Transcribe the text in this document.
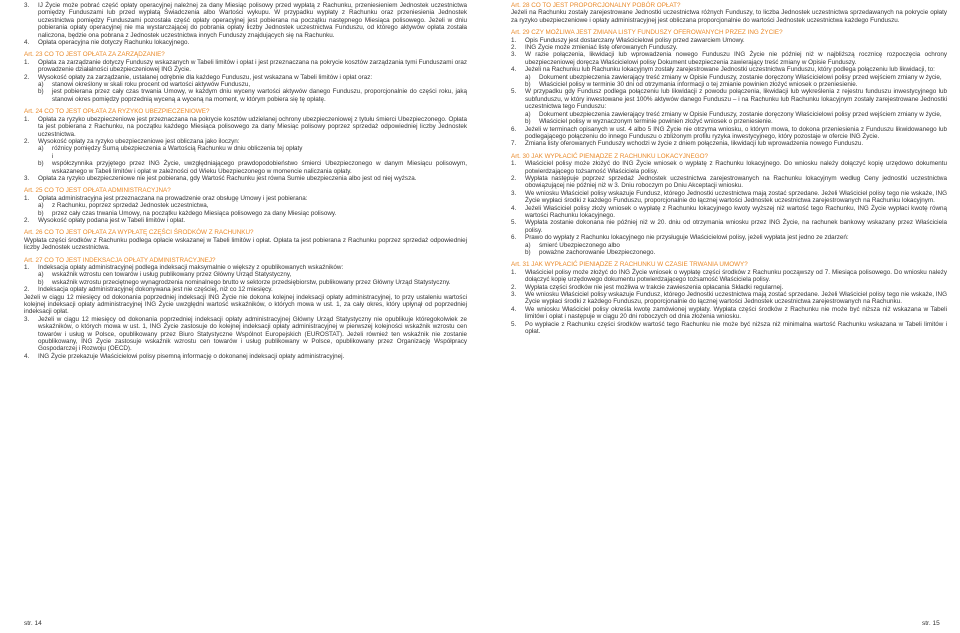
3. IJ Życie może pobrać część opłaty operacyjnej należnej za dany Miesiąc polisowy przed wypłatą z Rachunku, przeniesieniem Jednostek uczestnictwa pomiędzy Funduszami lub przed wypłatą Świadczenia albo Wartości wykupu. W przypadku wypłaty z Rachunku oraz przeniesienia Jednostek uczestnictwa pomiędzy Funduszami pozostała część opłaty operacyjnej jest pobierana na początku następnego Miesiąca polisowego. Jeżeli w dniu pobierania opłaty operacyjnej nie ma wystarczającej do pobrania opłaty liczby Jednostek uczestnictwa Funduszu, od którego aktywów opłata została naliczona, będzie ona pobrana z Jednostek uczestnictwa innych Funduszy znajdujących się na Rachunku.
4. Opłata operacyjna nie dotyczy Rachunku lokacyjnego.
Art. 23 CO TO JEST OPŁATA ZA ZARZĄDZANIE?
1. Opłata za zarządzanie dotyczy Funduszy wskazanych w Tabeli limitów i opłat i jest przeznaczana na pokrycie kosztów zarządzania tymi Funduszami oraz prowadzenie działalności ubezpieczeniowej ING Życie.
2. Wysokość opłaty za zarządzanie, ustalanej odrębnie dla każdego Funduszu, jest wskazana w Tabeli limitów i opłat oraz:
a) stanowi określony w skali roku procent od wartości aktywów Funduszu,
b) jest pobierana przez cały czas trwania Umowy, w każdym dniu wyceny wartości aktywów danego Funduszu, proporcjonalnie do części roku, jaką stanowi okres pomiędzy poprzednią wyceną a wyceną na moment, w którym pobiera się tę opłatę.
Art. 24 CO TO JEST OPŁATA ZA RYZYKO UBEZPIECZENIOWE?
1. Opłata za ryzyko ubezpieczeniowe jest przeznaczana na pokrycie kosztów udzielanej ochrony ubezpieczeniowej z tytułu śmierci Ubezpieczonego. Opłata ta jest pobierana z Rachunku, na początku każdego Miesiąca polisowego za dany Miesiąc polisowy poprzez sprzedaż odpowiedniej liczby Jednostek uczestnictwa.
2. Wysokość opłaty za ryzyko ubezpieczeniowe jest obliczana jako iloczyn:
a) różnicy pomiędzy Sumą ubezpieczenia a Wartością Rachunku w dniu obliczenia tej opłaty
i
b) współczynnika przyjętego przez ING Życie, uwzględniającego prawdopodobieństwo śmierci Ubezpieczonego w danym Miesiącu polisowym, wskazanego w Tabeli limitów i opłat w zależności od Wieku Ubezpieczonego w momencie naliczania opłaty.
3. Opłata za ryzyko ubezpieczeniowe nie jest pobierana, gdy Wartość Rachunku jest równa Sumie ubezpieczenia albo jest od niej wyższa.
Art. 25 CO TO JEST OPŁATA ADMINISTRACYJNA?
1. Opłata administracyjna jest przeznaczana na prowadzenie oraz obsługę Umowy i jest pobierana:
a) z Rachunku, poprzez sprzedaż Jednostek uczestnictwa,
b) przez cały czas trwania Umowy, na początku każdego Miesiąca polisowego za dany Miesiąc polisowy.
2. Wysokość opłaty podana jest w Tabeli limitów i opłat.
Art. 26 CO TO JEST OPŁATA ZA WYPŁATĘ CZĘŚCI ŚRODKÓW Z RACHUNKU?
Wypłata części środków z Rachunku podlega opłacie wskazanej w Tabeli limitów i opłat. Opłata ta jest pobierana z Rachunku poprzez sprzedaż odpowiedniej liczby Jednostek uczestnictwa.
Art. 27 CO TO JEST INDEKSACJA OPŁATY ADMINISTRACYJNEJ?
1. Indeksacja opłaty administracyjnej podlega indeksacji maksymalnie o większy z opublikowanych wskaźników:
a) wskaźnik wzrostu cen towarów i usług publikowany przez Główny Urząd Statystyczny,
b) wskaźnik wzrostu przeciętnego wynagrodzenia nominalnego brutto w sektorze przedsiębiorstw, publikowany przez Główny Urząd Statystyczny.
2. Indeksacja opłaty administracyjnej dokonywana jest nie częściej, niż co 12 miesięcy.
Jeżeli w ciągu 12 miesięcy od dokonania poprzedniej indeksacji ING Życie nie dokona kolejnej indeksacji opłaty administracyjnej, to przy ustaleniu wartości kolejnej indeksacji opłaty administracyjnej ING Życie uwzględni wartość wskaźników, o których mowa w ust. 1, za cały okres, który upłynął od poprzedniej indeksacji opłat.
3. Jeżeli w ciągu 12 miesięcy od dokonania poprzedniej indeksacji opłaty administracyjnej Główny Urząd Statystyczny nie opublikuje któregokolwiek ze wskaźników, o których mowa w ust. 1, ING Życie zastosuje do kolejnej indeksacji opłaty administracyjnej w pierwszej kolejności wskaźnik wzrostu cen towarów i usług w Polsce, opublikowany przez Biuro Statystyczne Wspólnot Europejskich (EUROSTAT). Jeżeli również ten wskaźnik nie zostanie opublikowany, ING Życie zastosuje wskaźnik wzrostu cen towarów i usług publikowany w Polsce, opublikowany przez Organizację Współpracy Gospodarczej i Rozwoju (OECD).
4. ING Życie przekazuje Właścicielowi polisy pisemną informację o dokonanej indeksacji opłaty administracyjnej.
Art. 28 CO TO JEST PROPORCJONALNY POBÓR OPŁAT?
Jeżeli na Rachunku zostały zarejestrowane Jednostki uczestnictwa różnych Funduszy, to liczba Jednostek uczestnictwa sprzedawanych na pokrycie opłaty za ryzyko ubezpieczeniowe i opłaty administracyjnej jest obliczana proporcjonalnie do wartości Jednostek uczestnictwa każdego Funduszu.
Art. 29 CZY MOŻLIWA JEST ZMIANA LISTY FUNDUSZY OFEROWANYCH PRZEZ ING ŻYCIE?
1. Opis Funduszy jest dostarczany Właścicielowi polisy przed zawarciem Umowy.
2. ING Życie może zmieniać listę oferowanych Funduszy.
3. W razie połączenia, likwidacji lub wprowadzenia nowego Funduszu ING Życie nie później niż w najbliższą rocznicę rozpoczęcia ochrony ubezpieczeniowej doręcza Właścicielowi polisy Dokument ubezpieczenia zawierający treść zmiany w Opisie Funduszy.
4. Jeżeli na Rachunku lub Rachunku lokacyjnym zostały zarejestrowane Jednostki uczestnictwa Funduszu, który podlega połączeniu lub likwidacji, to:
a) Dokument ubezpieczenia zawierający treść zmiany w Opisie Funduszy, zostanie doręczony Właścicielowi polisy przed wejściem zmiany w życie,
b) Właściciel polisy w terminie 30 dni od otrzymania informacji o tej zmianie powinien złożyć wniosek o przeniesienie.
5. W przypadku gdy Fundusz podlega połączeniu lub likwidacji z powodu połączenia, likwidacji lub wykreślenia z rejestru funduszu inwestycyjnego lub subfunduszu, w który inwestowane jest 100% aktywów danego Funduszu – i na Rachunku lub Rachunku lokacyjnym zostały zarejestrowane Jednostki uczestnictwa tego Funduszu:
a) Dokument ubezpieczenia zawierający treść zmiany w Opisie Funduszy, zostanie doręczony Właścicielowi polisy przed wejściem zmiany w życie,
b) Właściciel polisy w wyznaczonym terminie powinien złożyć wniosek o przeniesienie.
6. Jeżeli w terminach opisanych w ust. 4 albo 5 ING Życie nie otrzyma wniosku, o którym mowa, to dokona przeniesienia z Funduszu likwidowanego lub podlegającego połączeniu do innego Funduszu o zbliżonym profilu ryzyka inwestycyjnego, który pozostaje w ofercie ING Życie.
7. Zmiana listy oferowanych Funduszy wchodzi w życie z dniem połączenia, likwidacji lub wprowadzenia nowego Funduszu.
Art. 30 JAK WYPŁACIĆ PIENIĄDZE Z RACHUNKU LOKACYJNEGO?
1. Właściciel polisy może złożyć do ING Życie wniosek o wypłatę z Rachunku lokacyjnego. Do wniosku należy dołączyć kopię urzędowo dokumentu potwierdzającego tożsamość Właściciela polisy.
2. Wypłata następuje poprzez sprzedaż Jednostek uczestnictwa zarejestrowanych na Rachunku lokacyjnym według Ceny jednostki uczestnictwa obowiązującej nie później niż w 3. Dniu roboczym po Dniu Akceptacji wniosku.
3. We wniosku Właściciel polisy wskazuje Fundusz, którego Jednostki uczestnictwa mają zostać sprzedane. Jeżeli Właściciel polisy tego nie wskaże, ING Życie wypłaci środki z każdego Funduszu, proporcjonalnie do łącznej wartości Jednostek uczestnictwa zarejestrowanych na Rachunku lokacyjnym.
4. Jeżeli Właściciel polisy złoży wniosek o wypłatę z Rachunku lokacyjnego kwoty wyższej niż wartość tego Rachunku, ING Życie wypłaci kwotę równą wartości Rachunku lokacyjnego.
5. Wypłata zostanie dokonana nie później niż w 20. dniu od otrzymania wniosku przez ING Życie, na rachunek bankowy wskazany przez Właściciela polisy.
6. Prawo do wypłaty z Rachunku lokacyjnego nie przysługuje Właścicielowi polisy, jeżeli wypłata jest jedno ze zdarzeń:
a) śmierć Ubezpieczonego albo
b) poważne zachorowanie Ubezpieczonego.
Art. 31 JAK WYPŁACIĆ PIENIĄDZE Z RACHUNKU W CZASIE TRWANIA UMOWY?
1. Właściciel polisy może złożyć do ING Życie wniosek o wypłatę części środków z Rachunku począwszy od 7. Miesiąca polisowego. Do wniosku należy dołączyć kopię urzędowego dokumentu potwierdzającego tożsamość Właściciela polisy.
2. Wypłata części środków nie jest możliwa w trakcie zawieszenia opłacania Składki regularnej.
3. We wniosku Właściciel polisy wskazuje Fundusz, którego Jednostki uczestnictwa mają zostać sprzedane. Jeżeli Właściciel polisy tego nie wskaże, ING Życie wypłaci środki z każdego Funduszu, proporcjonalnie do łącznej wartości Jednostek uczestnictwa zarejestrowanych na Rachunku.
4. We wniosku Właściciel polisy określa kwotę zamówionej wypłaty. Wypłata części środków z Rachunku nie może być niższa niż wskazana w Tabeli limitów i opłat i następuje w ciągu 20 dni roboczych od dnia złożenia wniosku.
5. Po wypłacie z Rachunku części środków wartość tego Rachunku nie może być niższa niż minimalna wartość Rachunku wskazana w Tabeli limitów i opłat.
str. 14	str. 15
